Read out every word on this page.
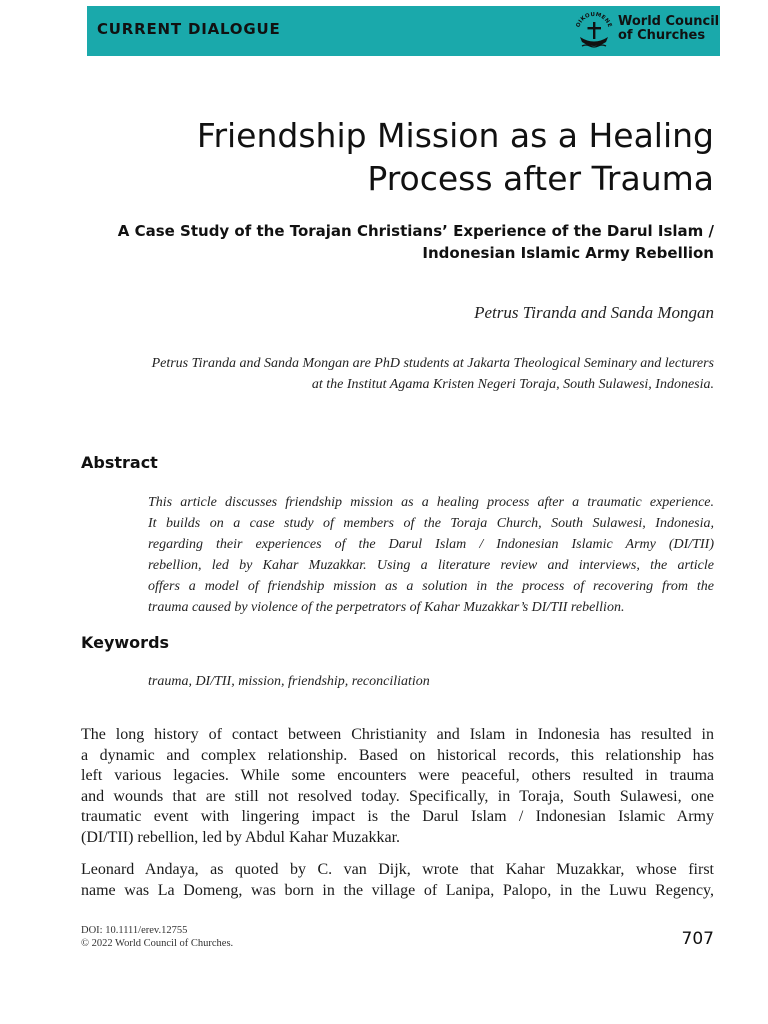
CURRENT DIALOGUE	OIKOUMENE World Council
of Churches
Friendship Mission as a Healing
Process after Trauma
A Case Study of the Torajan Christians’ Experience of the Darul Islam /
Indonesian Islamic Army Rebellion
Petrus Tiranda and Sanda Mongan
Petrus Tiranda and Sanda Mongan are PhD students at Jakarta Theological Seminary and lecturers
at the Institut Agama Kristen Negeri Toraja, South Sulawesi, Indonesia.
Abstract
This article discusses friendship mission as a healing process after a traumatic experience.
It builds on a case study of members of the Toraja Church, South Sulawesi, Indonesia,
regarding their experiences of the Darul Islam / Indonesian Islamic Army (DI/TII)
rebellion, led by Kahar Muzakkar. Using a literature review and interviews, the article
offers a model of friendship mission as a solution in the process of recovering from the
trauma caused by violence of the perpetrators of Kahar Muzakkar’s DI/TII rebellion.
Keywords
trauma, DI/TII, mission, friendship, reconciliation
The long history of contact between Christianity and Islam in Indonesia has resulted in
a dynamic and complex relationship. Based on historical records, this relationship has
left various legacies. While some encounters were peaceful, others resulted in trauma
and wounds that are still not resolved today. Specifically, in Toraja, South Sulawesi, one
traumatic event with lingering impact is the Darul Islam / Indonesian Islamic Army
(DI/TII) rebellion, led by Abdul Kahar Muzakkar.
Leonard Andaya, as quoted by C. van Dijk, wrote that Kahar Muzakkar, whose first
name was La Domeng, was born in the village of Lanipa, Palopo, in the Luwu Regency,
DOI: 10.1111/erev.12755
© 2022 World Council of Churches.	707
